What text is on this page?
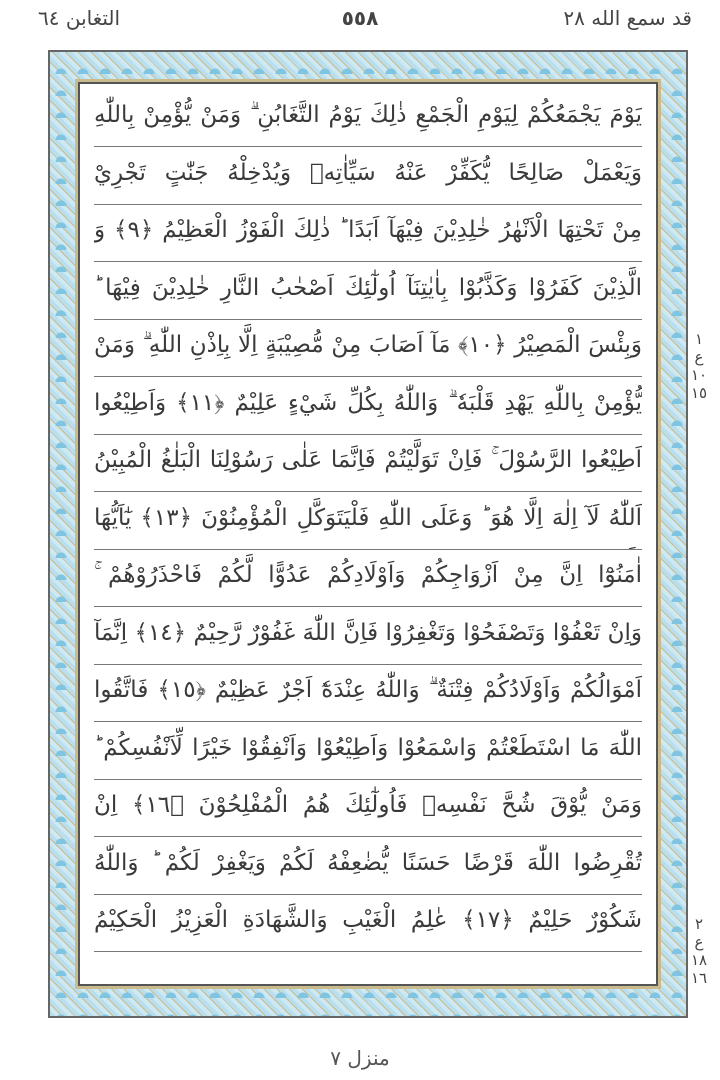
قد سمع الله ٢٨
٥٥٨
التغابن ٦٤
يَوْمَ يَجْمَعُكُمْ لِيَوْمِ الْجَمْعِ ذٰلِكَ يَوْمُ التَّغَابُنِ ۗ وَمَنْ يُّؤْمِنْ بِاللّٰهِ
وَيَعْمَلْ صَالِحًا يُّكَفِّرْ عَنْهُ سَيِّاٰتِهٖ وَيُدْخِلْهُ جَنّٰتٍ تَجْرِيْ
مِنْ تَحْتِهَا الْاَنْهٰرُ خٰلِدِيْنَ فِيْهَآ اَبَدًا ؕ ذٰلِكَ الْفَوْزُ الْعَظِيْمُ ﴿٩﴾ وَ
الَّذِيْنَ كَفَرُوْا وَكَذَّبُوْا بِاٰيٰتِنَآ اُولٰٓئِكَ اَصْحٰبُ النَّارِ خٰلِدِيْنَ فِيْهَا ؕ
وَبِئْسَ الْمَصِيْرُ ﴿١٠﴾ مَآ اَصَابَ مِنْ مُّصِيْبَةٍ اِلَّا بِاِذْنِ اللّٰهِ ۗ وَمَنْ
يُّؤْمِنْ بِاللّٰهِ يَهْدِ قَلْبَهٗ ۗ وَاللّٰهُ بِكُلِّ شَيْءٍ عَلِيْمٌ ﴿١١﴾ وَاَطِيْعُوا
اَطِيْعُوا الرَّسُوْلَ ۚ فَاِنْ تَوَلَّيْتُمْ فَاِنَّمَا عَلٰى رَسُوْلِنَا الْبَلٰغُ الْمُبِيْنُ
اَللّٰهُ لَآ اِلٰهَ اِلَّا هُوَ ؕ وَعَلَى اللّٰهِ فَلْيَتَوَكَّلِ الْمُؤْمِنُوْنَ ﴿١٣﴾ يٰٓاَيُّهَا
اٰمَنُوْٓا اِنَّ مِنْ اَزْوَاجِكُمْ وَاَوْلَادِكُمْ عَدُوًّا لَّكُمْ فَاحْذَرُوْهُمْ ۚ
وَاِنْ تَعْفُوْا وَتَصْفَحُوْا وَتَغْفِرُوْا فَاِنَّ اللّٰهَ غَفُوْرٌ رَّحِيْمٌ ﴿١٤﴾ اِنَّمَآ
اَمْوَالُكُمْ وَاَوْلَادُكُمْ فِتْنَةٌ ۗ وَاللّٰهُ عِنْدَهٗٓ اَجْرٌ عَظِيْمٌ ﴿١٥﴾ فَاتَّقُوا
اللّٰهَ مَا اسْتَطَعْتُمْ وَاسْمَعُوْا وَاَطِيْعُوْا وَاَنْفِقُوْا خَيْرًا لِّاَنْفُسِكُمْ ؕ
وَمَنْ يُّوْقَ شُحَّ نَفْسِهٖ فَاُولٰٓئِكَ هُمُ الْمُفْلِحُوْنَ ﴿١٦﴾ اِنْ
تُقْرِضُوا اللّٰهَ قَرْضًا حَسَنًا يُّضٰعِفْهُ لَكُمْ وَيَغْفِرْ لَكُمْ ؕ وَاللّٰهُ
شَكُوْرٌ حَلِيْمٌ ﴿١٧﴾ عٰلِمُ الْغَيْبِ وَالشَّهَادَةِ الْعَزِيْزُ الْحَكِيْمُ
١
ع
١٠
١٥
٢
ع
١٨
١٦
منزل ٧
